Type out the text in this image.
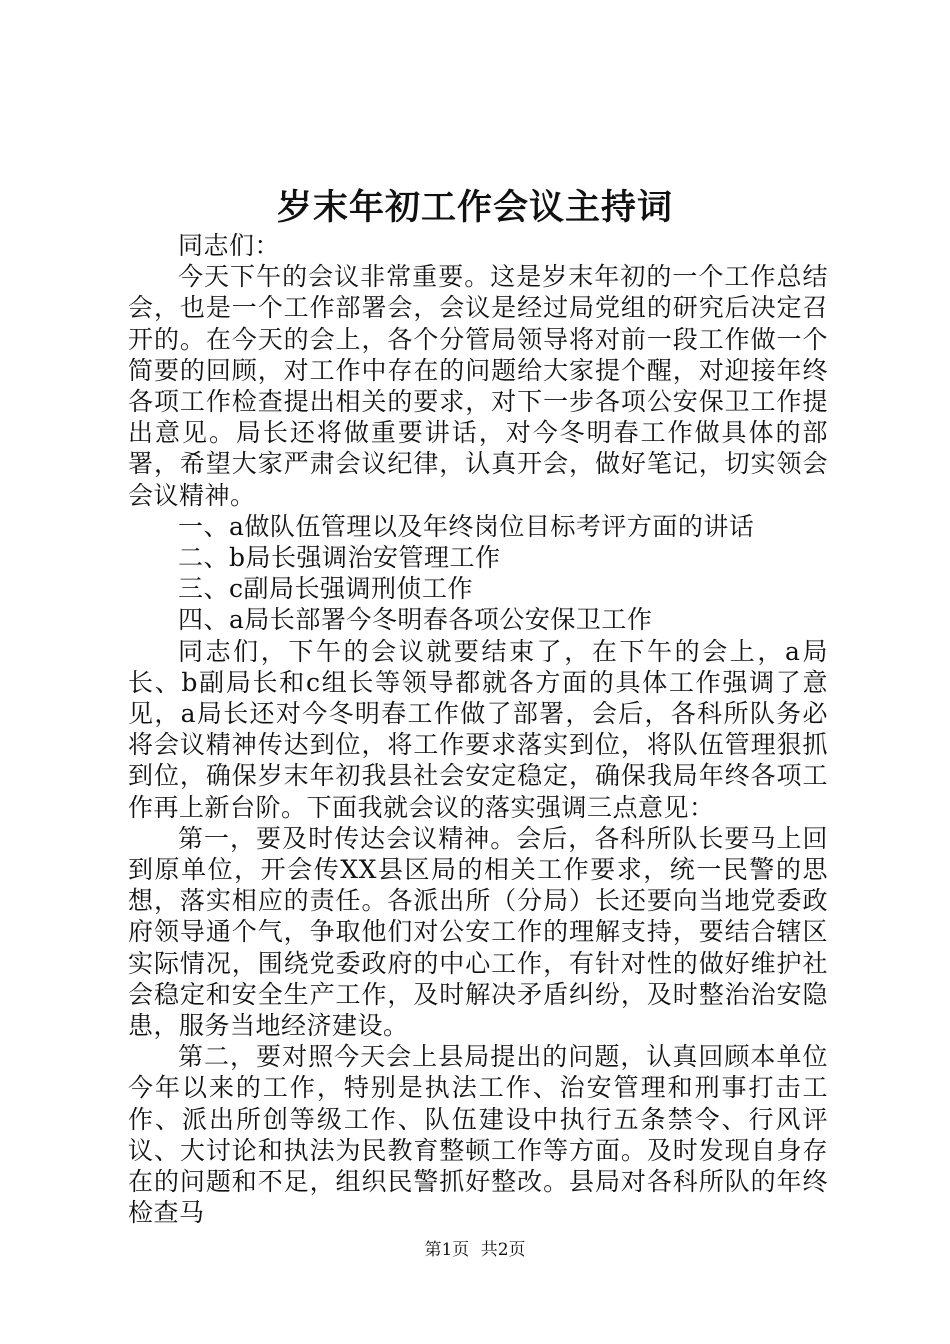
岁末年初工作会议主持词

同志们：

今天下午的会议非常重要。这是岁末年初的一个工作总结会，也是一个工作部署会，会议是经过局党组的研究后决定召开的。在今天的会上，各个分管局领导将对前一段工作做一个简要的回顾，对工作中存在的问题给大家提个醒，对迎接年终各项工作检查提出相关的要求，对下一步各项公安保卫工作提出意见。局长还将做重要讲话，对今冬明春工作做具体的部署，希望大家严肃会议纪律，认真开会，做好笔记，切实领会会议精神。

一、a做队伍管理以及年终岗位目标考评方面的讲话

二、b局长强调治安管理工作

三、c副局长强调刑侦工作

四、a局长部署今冬明春各项公安保卫工作

同志们，下午的会议就要结束了，在下午的会上，a局长、b副局长和c组长等领导都就各方面的具体工作强调了意见，a局长还对今冬明春工作做了部署，会后，各科所队务必将会议精神传达到位，将工作要求落实到位，将队伍管理狠抓到位，确保岁末年初我县社会安定稳定，确保我局年终各项工作再上新台阶。下面我就会议的落实强调三点意见：

第一，要及时传达会议精神。会后，各科所队长要马上回到原单位，开会传XX县区局的相关工作要求，统一民警的思想，落实相应的责任。各派出所（分局）长还要向当地党委政府领导通个气，争取他们对公安工作的理解支持，要结合辖区实际情况，围绕党委政府的中心工作，有针对性的做好维护社会稳定和安全生产工作，及时解决矛盾纠纷，及时整治治安隐患，服务当地经济建设。

第二，要对照今天会上县局提出的问题，认真回顾本单位今年以来的工作，特别是执法工作、治安管理和刑事打击工作、派出所创等级工作、队伍建设中执行五条禁令、行风评议、大讨论和执法为民教育整顿工作等方面。及时发现自身存在的问题和不足，组织民警抓好整改。县局对各科所队的年终检查马

第1页 共2页
